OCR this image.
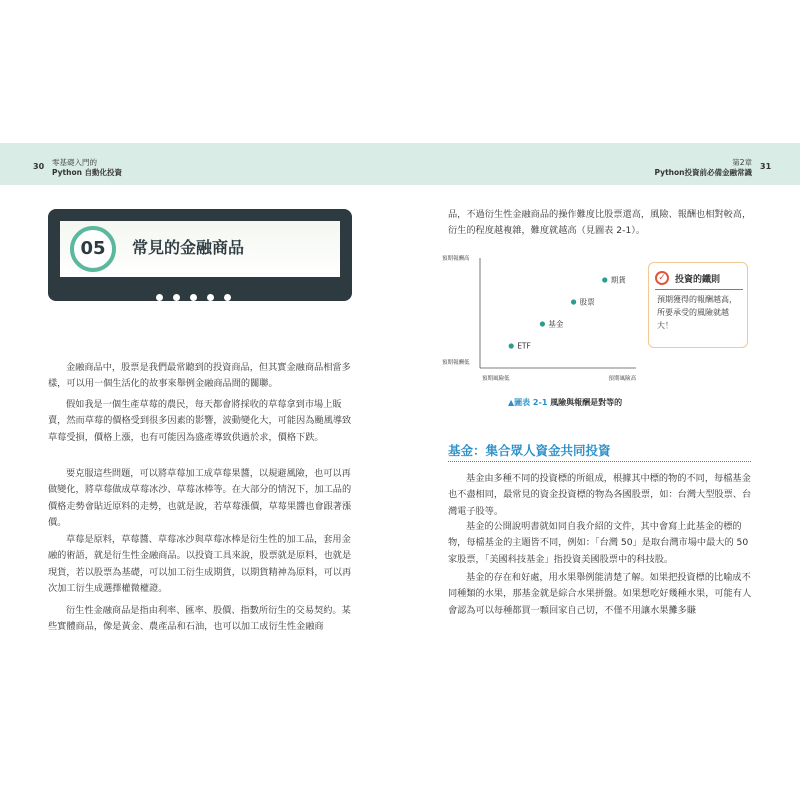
30 零基礎入門的
Python 自動化投資
第2章
Python投資前必備金融常識
31
05	常見的金融商品

金融商品中，股票是我們最常聽到的投資商品，但其實金融商品相當多樣，可以用一個生活化的故事來舉例金融商品間的關聯。

假如我是一個生產草莓的農民，每天都會將採收的草莓拿到市場上販賣，然而草莓的價格受到很多因素的影響，波動變化大，可能因為颱風導致草莓受損，價格上漲，也有可能因為盛產導致供過於求，價格下跌。

要克服這些問題，可以將草莓加工成草莓果醬，以規避風險，也可以再做變化，將草莓做成草莓冰沙、草莓冰棒等。在大部分的情況下，加工品的價格走勢會貼近原料的走勢，也就是說，若草莓漲價，草莓果醬也會跟著漲價。

草莓是原料，草莓醬、草莓冰沙與草莓冰棒是衍生性的加工品，套用金融的術語，就是衍生性金融商品。以投資工具來說，股票就是原料，也就是現貨，若以股票為基礎，可以加工衍生成期貨，以期貨精神為原料，可以再次加工衍生成選擇權微權證。

衍生性金融商品是指由利率、匯率、股價、指數所衍生的交易契約。某些實體商品，像是黃金、農產品和石油，也可以加工成衍生性金融商

品，不過衍生性金融商品的操作難度比股票還高，風險、報酬也相對較高，衍生的程度越複雜，難度就越高（見圖表 2-1）。

預期報酬高
預期報酬低
預期風險低	預期風險高
ETF
基金
股票
期貨	✓	投資的鐵則
預期獲得的報酬越高，所要承受的風險就越大！
▲圖表 2-1 風險與報酬是對等的
基金：集合眾人資金共同投資

基金由多種不同的投資標的所組成，根據其中標的物的不同，每檔基金也不盡相同，最常見的資金投資標的物為各國股票，如：台灣大型股票、台灣電子股等。

基金的公開說明書就如同自我介紹的文件，其中會寫上此基金的標的物，每檔基金的主題皆不同，例如：「台灣 50」是取台灣市場中最大的 50 家股票，「美國科技基金」指投資美國股票中的科技股。

基金的存在和好處，用水果舉例能清楚了解。如果把投資標的比喻成不同種類的水果，那基金就是綜合水果拼盤。如果想吃好幾種水果，可能有人會認為可以每種都買一顆回家自己切，不僅不用讓水果攤多賺
